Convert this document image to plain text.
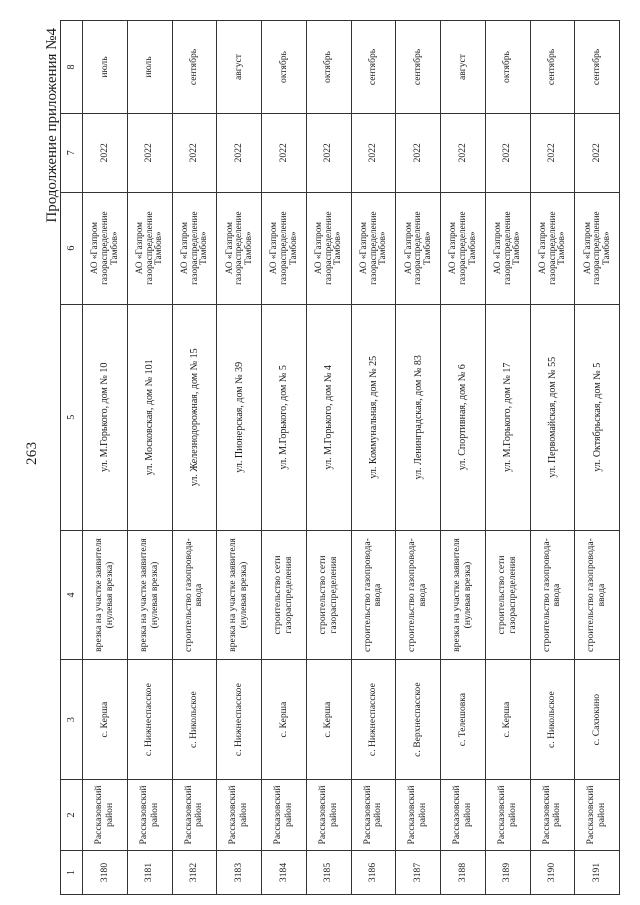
263
Продолжение приложения №4
1	2	3	4	5	6	7	8
3180	Рассказовский район	с. Керша	врезка на участке заявителя (нулевая врезка)	ул. М.Горького, дом № 10	АО «Газпром газораспределение Тамбов»	2022	июль
3181	Рассказовский район	с. Нижнеспасское	врезка на участке заявителя (нулевая врезка)	ул. Московская, дом № 101	АО «Газпром газораспределение Тамбов»	2022	июль
3182	Рассказовский район	с. Никольское	строительство газопровода-ввода	ул. Железнодорожная, дом № 15	АО «Газпром газораспределение Тамбов»	2022	сентябрь
3183	Рассказовский район	с. Нижнеспасское	врезка на участке заявителя (нулевая врезка)	ул. Пионерская, дом № 39	АО «Газпром газораспределение Тамбов»	2022	август
3184	Рассказовский район	с. Керша	строительство сети газораспределения	ул. М.Горького, дом № 5	АО «Газпром газораспределение Тамбов»	2022	октябрь
3185	Рассказовский район	с. Керша	строительство сети газораспределения	ул. М.Горького, дом № 4	АО «Газпром газораспределение Тамбов»	2022	октябрь
3186	Рассказовский район	с. Нижнеспасское	строительство газопровода-ввода	ул. Коммунальная, дом № 25	АО «Газпром газораспределение Тамбов»	2022	сентябрь
3187	Рассказовский район	с. Верхнеспасское	строительство газопровода-ввода	ул. Ленинградская, дом № 83	АО «Газпром газораспределение Тамбов»	2022	сентябрь
3188	Рассказовский район	с. Телешовка	врезка на участке заявителя (нулевая врезка)	ул. Спортивная, дом № 6	АО «Газпром газораспределение Тамбов»	2022	август
3189	Рассказовский район	с. Керша	строительство сети газораспределения	ул. М.Горького, дом № 17	АО «Газпром газораспределение Тамбов»	2022	октябрь
3190	Рассказовский район	с. Никольское	строительство газопровода-ввода	ул. Первомайская, дом № 55	АО «Газпром газораспределение Тамбов»	2022	сентябрь
3191	Рассказовский район	с. Сахюкино	строительство газопровода-ввода	ул. Октябрьская, дом № 5	АО «Газпром газораспределение Тамбов»	2022	сентябрь
